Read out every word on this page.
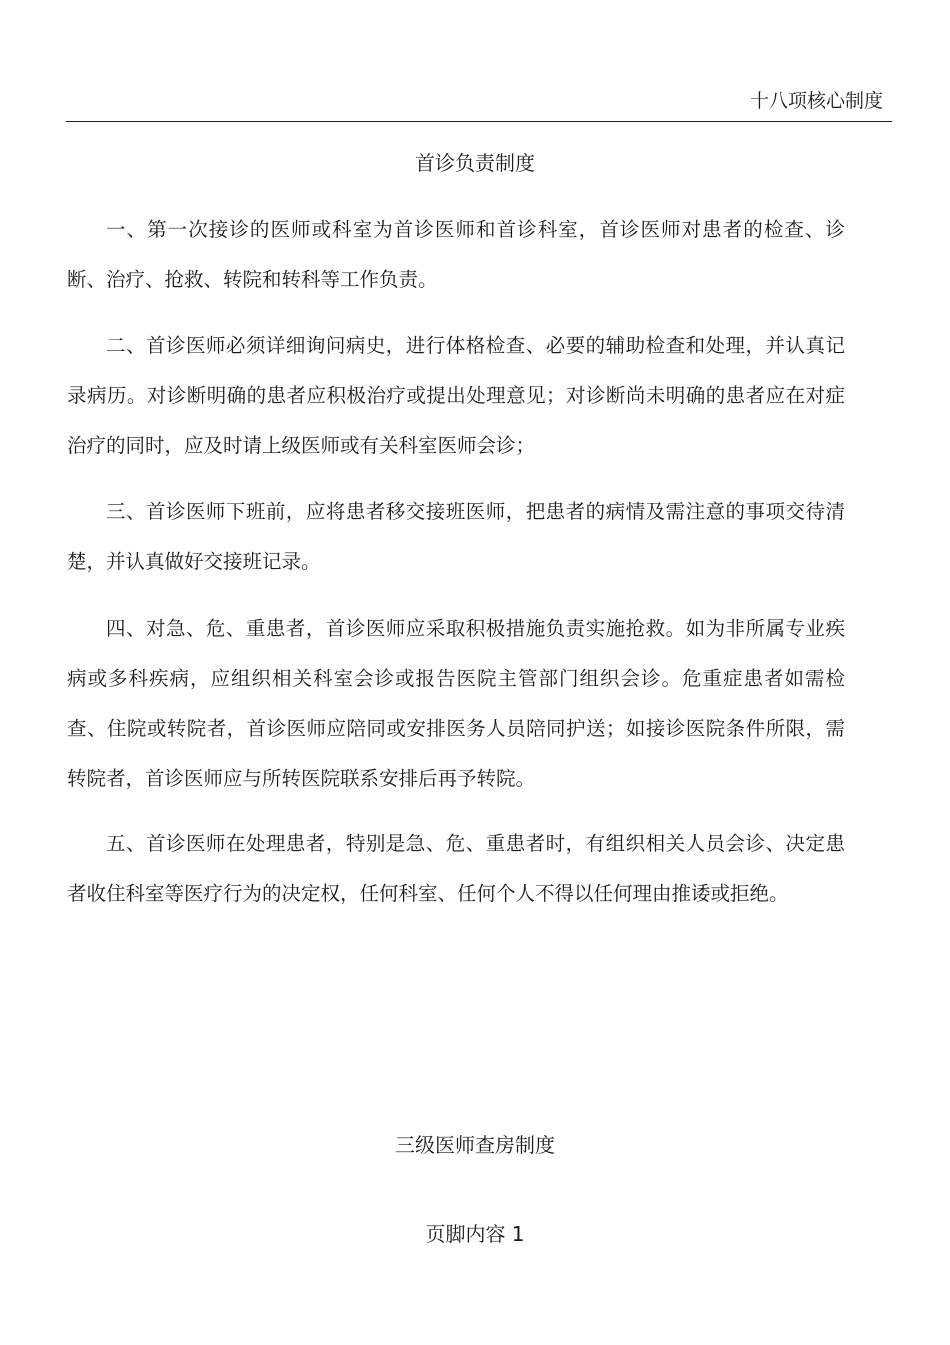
十八项核心制度
首诊负责制度

一、第一次接诊的医师或科室为首诊医师和首诊科室，首诊医师对患者的检查、诊断、治疗、抢救、转院和转科等工作负责。

二、首诊医师必须详细询问病史，进行体格检查、必要的辅助检查和处理，并认真记录病历。对诊断明确的患者应积极治疗或提出处理意见；对诊断尚未明确的患者应在对症治疗的同时，应及时请上级医师或有关科室医师会诊；

三、首诊医师下班前，应将患者移交接班医师，把患者的病情及需注意的事项交待清楚，并认真做好交接班记录。

四、对急、危、重患者，首诊医师应采取积极措施负责实施抢救。如为非所属专业疾病或多科疾病，应组织相关科室会诊或报告医院主管部门组织会诊。危重症患者如需检查、住院或转院者，首诊医师应陪同或安排医务人员陪同护送；如接诊医院条件所限，需转院者，首诊医师应与所转医院联系安排后再予转院。

五、首诊医师在处理患者，特别是急、危、重患者时，有组织相关人员会诊、决定患者收住科室等医疗行为的决定权，任何科室、任何个人不得以任何理由推诿或拒绝。

三级医师查房制度
页脚内容 1
